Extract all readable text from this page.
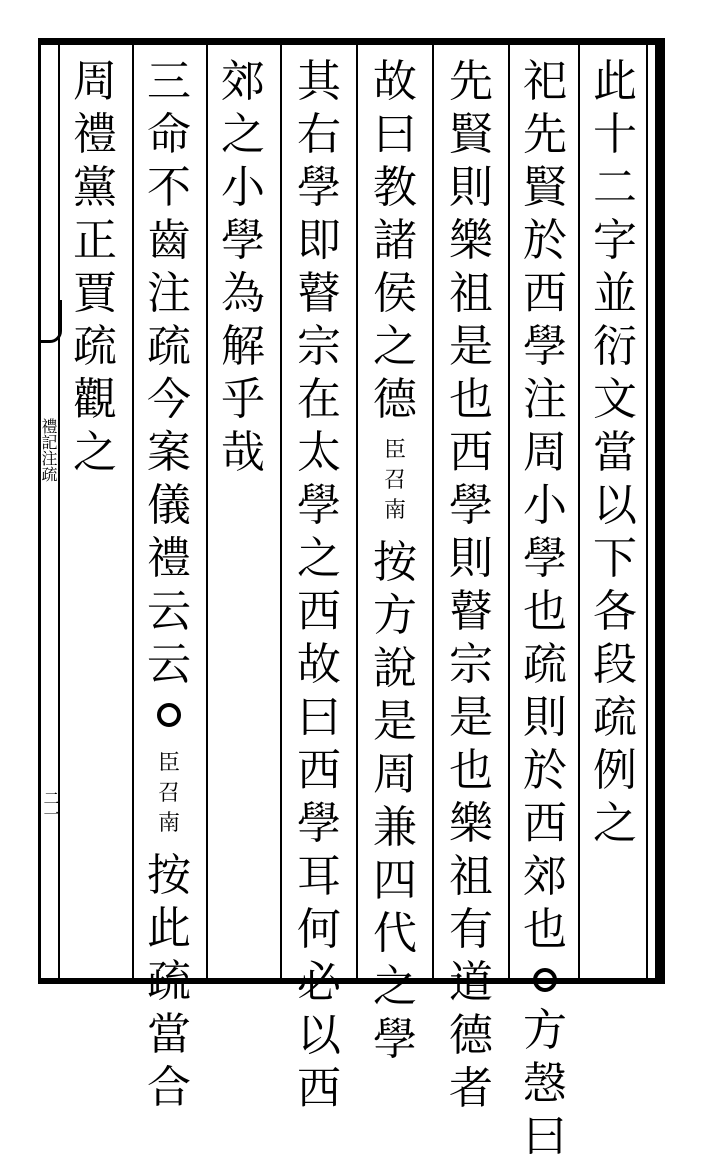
禮記注疏
二一
此
十
二
字
並
衍
文
當
以
下
各
段
疏
例
之
祀
先
賢
於
西
學
注
周
小
學
也
疏
則
於
西
郊
也
方
愨
曰
先
賢
則
樂
祖
是
也
西
學
則
瞽
宗
是
也
樂
祖
有
道
德
者
故
曰
教
諸
侯
之
德
臣
召
南
按
方
說
是
周
兼
四
代
之
學
其
右
學
即
瞽
宗
在
太
學
之
西
故
曰
西
學
耳
何
必
以
西
郊
之
小
學
為
解
乎
哉
三
命
不
齒
注
疏
今
案
儀
禮
云
云
臣
召
南
按
此
疏
當
合
周
禮
黨
正
賈
疏
觀
之
